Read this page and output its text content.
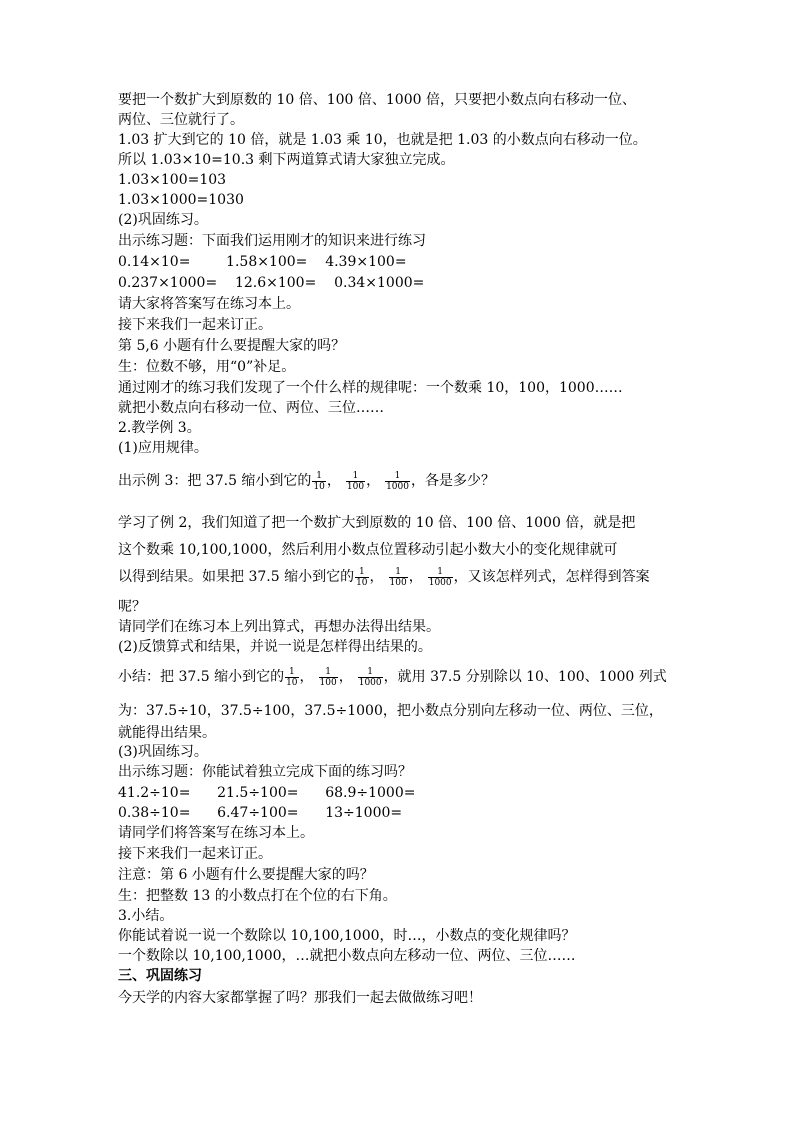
要把一个数扩大到原数的 10 倍、100 倍、1000 倍，只要把小数点向右移动一位、
两位、三位就行了。
1.03 扩大到它的 10 倍，就是 1.03 乘 10，也就是把 1.03 的小数点向右移动一位。
所以 1.03×10=10.3 剩下两道算式请大家独立完成。
1.03×100=103
1.03×1000=1030
(2)巩固练习。
出示练习题：下面我们运用刚才的知识来进行练习
0.14×10=        1.58×100=    4.39×100=
0.237×1000=    12.6×100=    0.34×1000=
请大家将答案写在练习本上。
接下来我们一起来订正。
第 5,6 小题有什么要提醒大家的吗？
生：位数不够，用“0”补足。
通过刚才的练习我们发现了一个什么样的规律呢：一个数乘 10，100，1000……
就把小数点向右移动一位、两位、三位……
2.教学例 3。
(1)应用规律。
出示例 3：把 37.5 缩小到它的 $\frac{1}{10}$ ， $\frac{1}{100}$ ， $\frac{1}{1000}$ ，各是多少？
学习了例 2，我们知道了把一个数扩大到原数的 10 倍、100 倍、1000 倍，就是把
这个数乘 10,100,1000，然后利用小数点位置移动引起小数大小的变化规律就可
以得到结果。如果把 37.5 缩小到它的 $\frac{1}{10}$ ， $\frac{1}{100}$ ， $\frac{1}{1000}$ ，又该怎样列式，怎样得到答案
呢？
请同学们在练习本上列出算式，再想办法得出结果。
(2)反馈算式和结果，并说一说是怎样得出结果的。
小结：把 37.5 缩小到它的 $\frac{1}{10}$ ， $\frac{1}{100}$ ， $\frac{1}{1000}$ ，就用 37.5 分别除以 10、100、1000 列式
为：37.5÷10，37.5÷100，37.5÷1000，把小数点分别向左移动一位、两位、三位，
就能得出结果。
(3)巩固练习。
出示练习题：你能试着独立完成下面的练习吗？
41.2÷10=      21.5÷100=      68.9÷1000=
0.38÷10=      6.47÷100=      13÷1000=
请同学们将答案写在练习本上。
接下来我们一起来订正。
注意：第 6 小题有什么要提醒大家的吗？
生：把整数 13 的小数点打在个位的右下角。
3.小结。
你能试着说一说一个数除以 10,100,1000，时…，小数点的变化规律吗？
一个数除以 10,100,1000，…就把小数点向左移动一位、两位、三位……
三、巩固练习
今天学的内容大家都掌握了吗？那我们一起去做做练习吧！
